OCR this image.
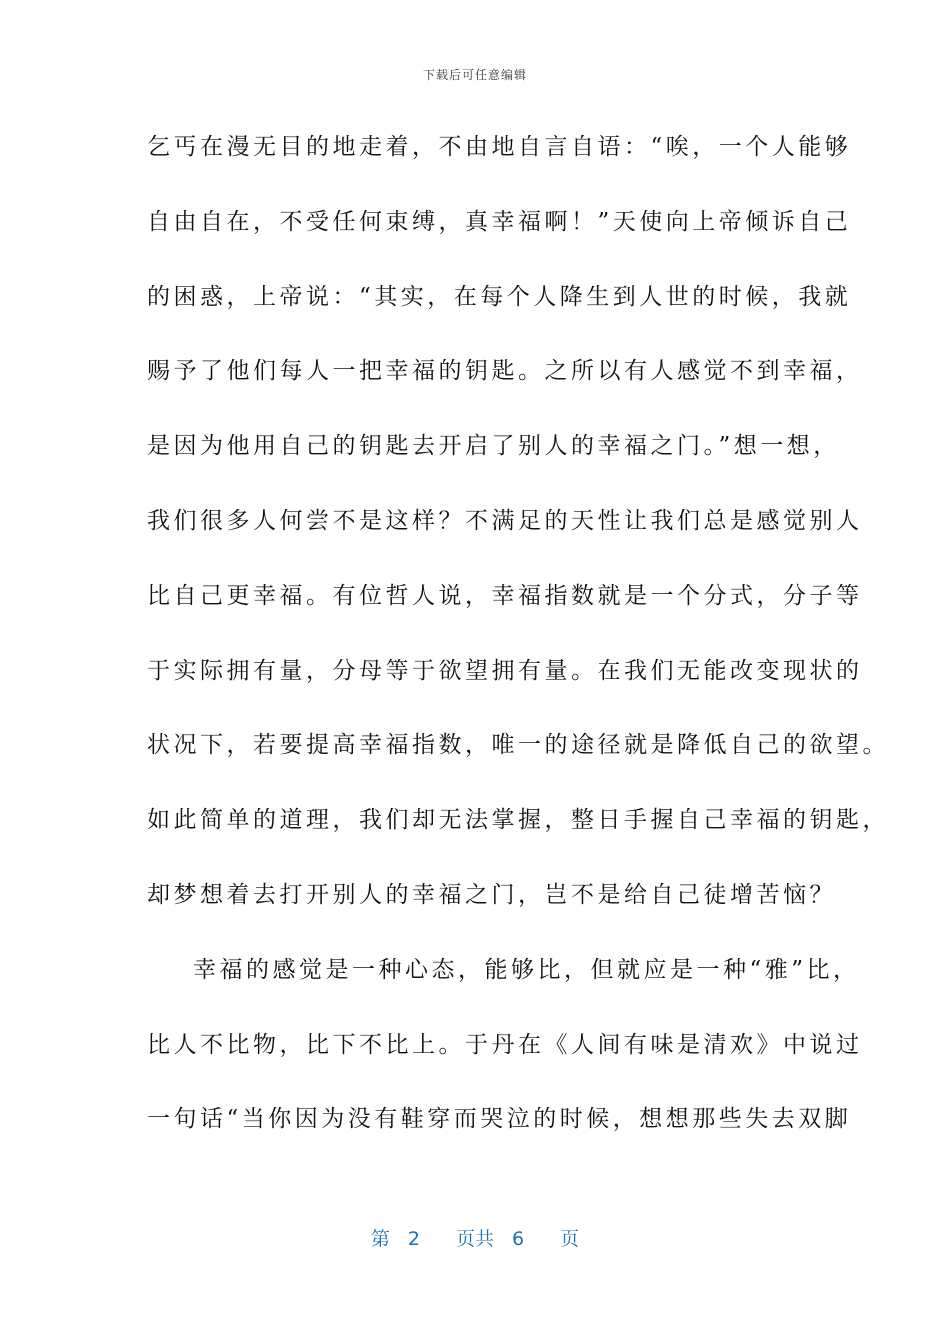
下载后可任意编辑
乞丐在漫无目的地走着，不由地自言自语：“唉，一个人能够
自由自在，不受任何束缚，真幸福啊！”天使向上帝倾诉自己
的困惑，上帝说：“其实，在每个人降生到人世的时候，我就
赐予了他们每人一把幸福的钥匙。之所以有人感觉不到幸福，
是因为他用自己的钥匙去开启了别人的幸福之门。”想一想，
我们很多人何尝不是这样？不满足的天性让我们总是感觉别人
比自己更幸福。有位哲人说，幸福指数就是一个分式，分子等
于实际拥有量，分母等于欲望拥有量。在我们无能改变现状的
状况下，若要提高幸福指数，唯一的途径就是降低自己的欲望。
如此简单的道理，我们却无法掌握，整日手握自己幸福的钥匙，
却梦想着去打开别人的幸福之门，岂不是给自己徒增苦恼？
幸福的感觉是一种心态，能够比，但就应是一种“雅”比，
比人不比物，比下不比上。于丹在《人间有味是清欢》中说过
一句话“当你因为没有鞋穿而哭泣的时候，想想那些失去双脚
第 2 页共 6 页
